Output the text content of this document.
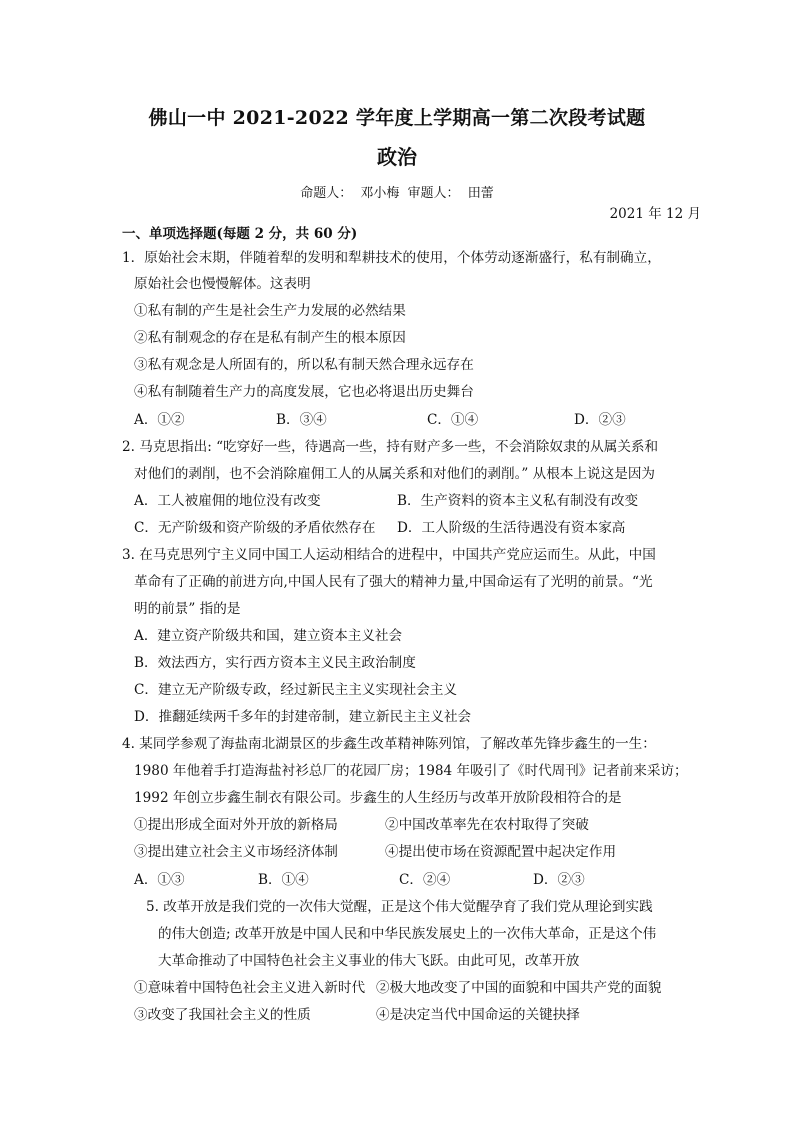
佛山一中 2021-2022 学年度上学期高一第二次段考试题
政治
命题人： 邓小梅 审题人： 田蕾
2021 年 12 月
一、单项选择题(每题 2 分，共 60 分)
1．原始社会末期，伴随着犁的发明和犁耕技术的使用，个体劳动逐渐盛行，私有制确立，
原始社会也慢慢解体。这表明
①私有制的产生是社会生产力发展的必然结果
②私有制观念的存在是私有制产生的根本原因
③私有观念是人所固有的，所以私有制天然合理永远存在
④私有制随着生产力的高度发展，它也必将退出历史舞台
A．①②	B．③④	C．①④	D．②③
2. 马克思指出: “吃穿好一些，待遇高一些，持有财产多一些，不会消除奴隶的从属关系和
对他们的剥削，也不会消除雇佣工人的从属关系和对他们的剥削。” 从根本上说这是因为
A．工人被雇佣的地位没有改变	B．生产资料的资本主义私有制没有改变
C．无产阶级和资产阶级的矛盾依然存在 D．工人阶级的生活待遇没有资本家高
3. 在马克思列宁主义同中国工人运动相结合的进程中，中国共产党应运而生。从此，中国
革命有了正确的前进方向,中国人民有了强大的精神力量,中国命运有了光明的前景。“光
明的前景” 指的是
A．建立资产阶级共和国，建立资本主义社会
B．效法西方，实行西方资本主义民主政治制度
C．建立无产阶级专政，经过新民主主义实现社会主义
D．推翻延续两千多年的封建帝制，建立新民主主义社会
4. 某同学参观了海盐南北湖景区的步鑫生改革精神陈列馆，了解改革先锋步鑫生的一生：
1980 年他着手打造海盐衬衫总厂的花园厂房；1984 年吸引了《时代周刊》记者前来采访；
1992 年创立步鑫生制衣有限公司。步鑫生的人生经历与改革开放阶段相符合的是
①提出形成全面对外开放的新格局	②中国改革率先在农村取得了突破
③提出建立社会主义市场经济体制	④提出使市场在资源配置中起决定作用
A．①③	B．①④	C．②④	D．②③
5. 改革开放是我们党的一次伟大觉醒，正是这个伟大觉醒孕育了我们党从理论到实践
的伟大创造; 改革开放是中国人民和中华民族发展史上的一次伟大革命，正是这个伟
大革命推动了中国特色社会主义事业的伟大飞跃。由此可见，改革开放
①意味着中国特色社会主义进入新时代 ②极大地改变了中国的面貌和中国共产党的面貌
③改变了我国社会主义的性质	④是决定当代中国命运的关键抉择
